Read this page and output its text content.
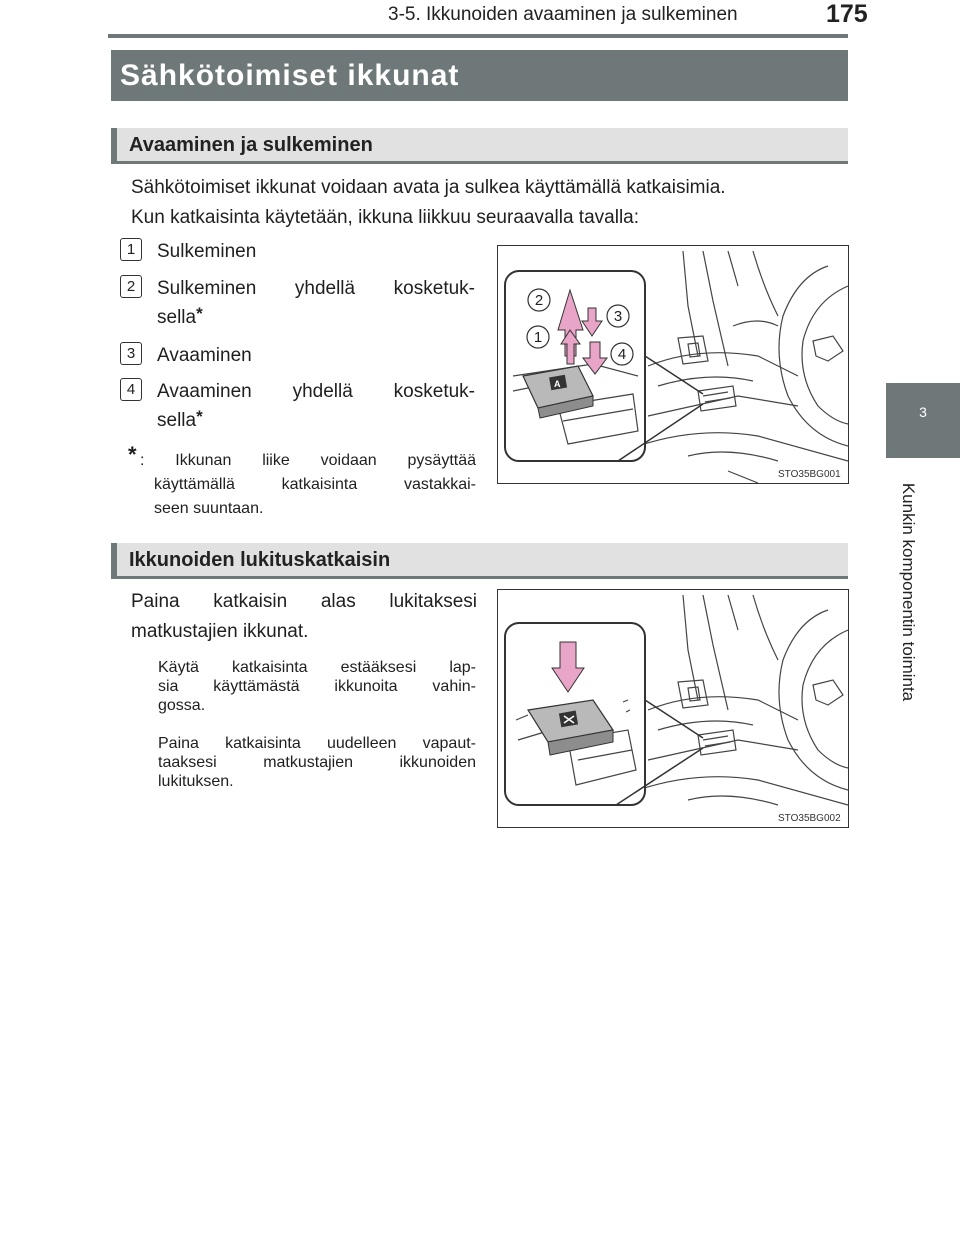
3-5. Ikkunoiden avaaminen ja sulkeminen	175
3
Kunkin komponentin toiminta
Sähkötoimiset ikkunat
Avaaminen ja sulkeminen
Sähkötoimiset ikkunat voidaan avata ja sulkea käyttämällä katkaisimia.
Kun katkaisinta käytetään, ikkuna liikkuu seuraavalla tavalla:
1	Sulkeminen
2	Sulkeminen yhdellä kosketuk-
sella*
3	Avaaminen
4	Avaaminen yhdellä kosketuk-
sella*
* : Ikkunan liike voidaan pysäyttää
käyttämällä katkaisinta vastakkai-
seen suuntaan.
A
2
3
1
4
STO35BG001
Ikkunoiden lukituskatkaisin
Paina katkaisin alas lukitaksesi
matkustajien ikkunat.
Käytä katkaisinta estääksesi lap-
sia käyttämästä ikkunoita vahin-
gossa.
Paina katkaisinta uudelleen vapaut-
taaksesi matkustajien ikkunoiden
lukituksen.
STO35BG002
